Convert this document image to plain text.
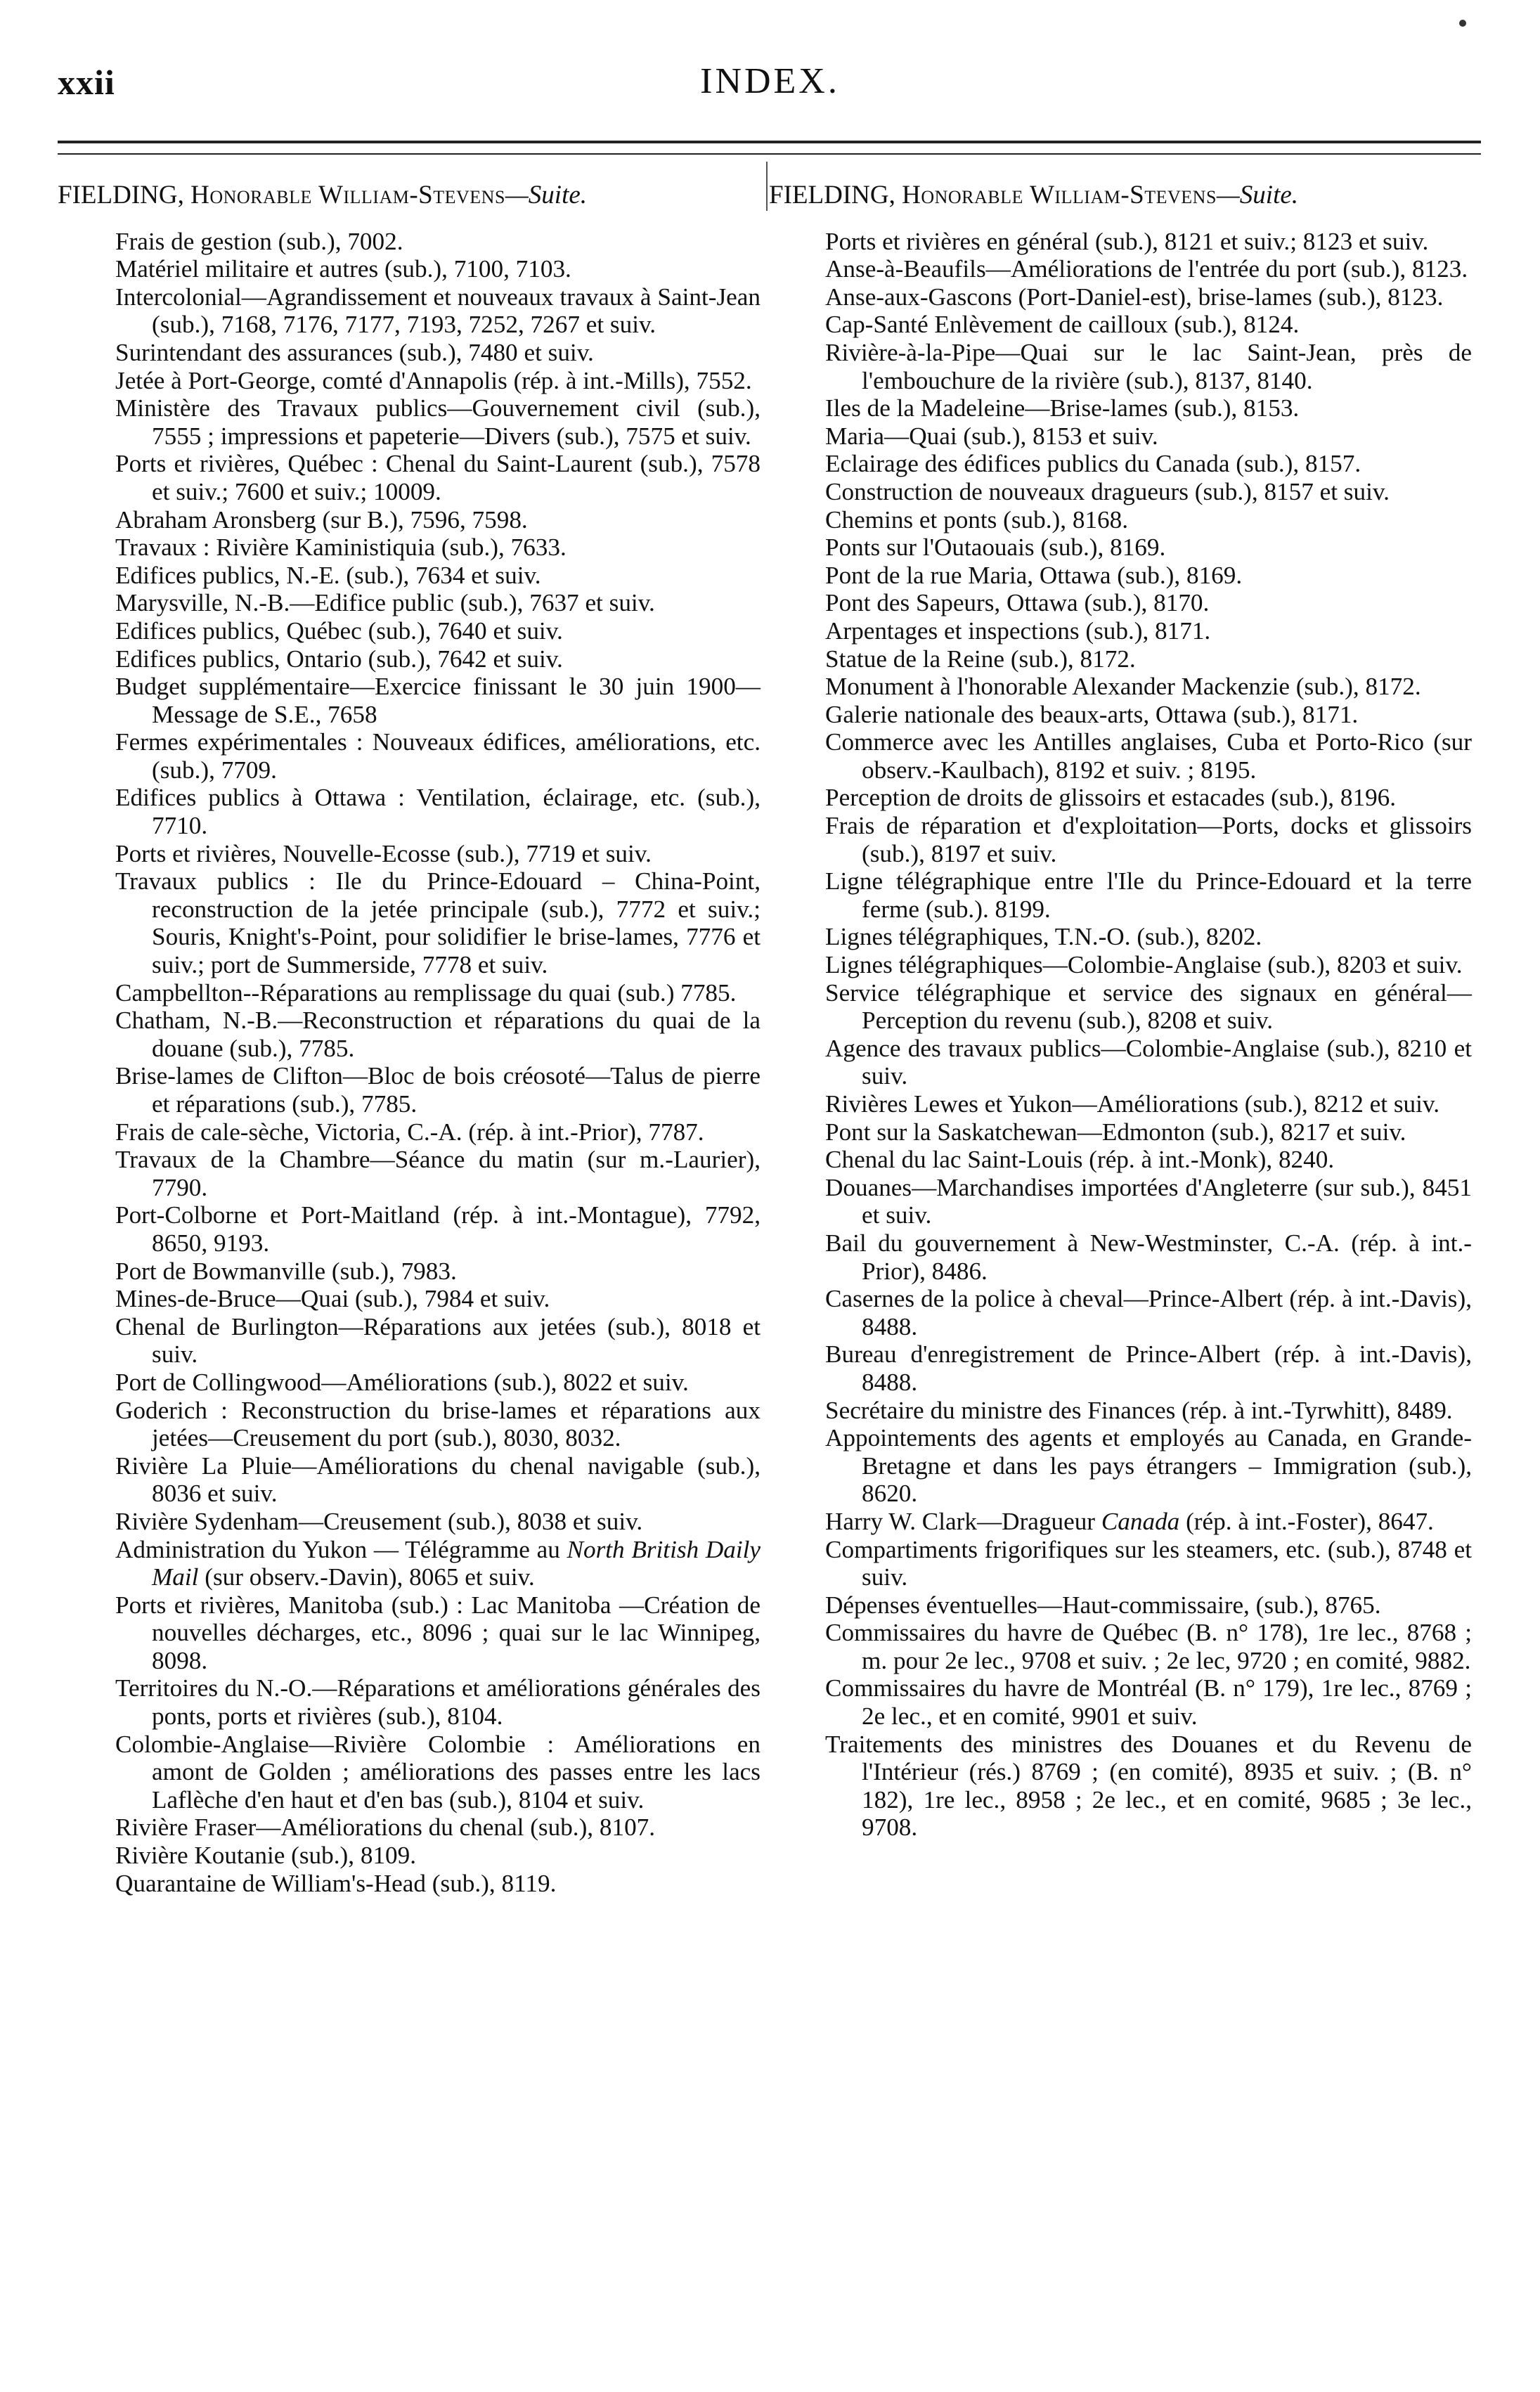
xxii	INDEX.
FIELDING, Honorable William-Stevens—Suite.
Frais de gestion (sub.), 7002.
Matériel militaire et autres (sub.), 7100, 7103.
Intercolonial—Agrandissement et nouveaux travaux à Saint-Jean (sub.), 7168, 7176, 7177, 7193, 7252, 7267 et suiv.
Surintendant des assurances (sub.), 7480 et suiv.
Jetée à Port-George, comté d'Annapolis (rép. à int.-Mills), 7552.
Ministère des Travaux publics—Gouvernement civil (sub.), 7555 ; impressions et papeterie—Divers (sub.), 7575 et suiv.
Ports et rivières, Québec : Chenal du Saint-Laurent (sub.), 7578 et suiv.; 7600 et suiv.; 10009.
Abraham Aronsberg (sur B.), 7596, 7598.
Travaux : Rivière Kaministiquia (sub.), 7633.
Edifices publics, N.-E. (sub.), 7634 et suiv.
Marysville, N.-B.—Edifice public (sub.), 7637 et suiv.
Edifices publics, Québec (sub.), 7640 et suiv.
Edifices publics, Ontario (sub.), 7642 et suiv.
Budget supplémentaire—Exercice finissant le 30 juin 1900—Message de S.E., 7658
Fermes expérimentales : Nouveaux édifices, améliorations, etc. (sub.), 7709.
Edifices publics à Ottawa : Ventilation, éclairage, etc. (sub.), 7710.
Ports et rivières, Nouvelle-Ecosse (sub.), 7719 et suiv.
Travaux publics : Ile du Prince-Edouard – China-Point, reconstruction de la jetée principale (sub.), 7772 et suiv.; Souris, Knight's-Point, pour solidifier le brise-lames, 7776 et suiv.; port de Summerside, 7778 et suiv.
Campbellton--Réparations au remplissage du quai (sub.) 7785.
Chatham, N.-B.—Reconstruction et réparations du quai de la douane (sub.), 7785.
Brise-lames de Clifton—Bloc de bois créosoté—Talus de pierre et réparations (sub.), 7785.
Frais de cale-sèche, Victoria, C.-A. (rép. à int.-Prior), 7787.
Travaux de la Chambre—Séance du matin (sur m.-Laurier), 7790.
Port-Colborne et Port-Maitland (rép. à int.-Montague), 7792, 8650, 9193.
Port de Bowmanville (sub.), 7983.
Mines-de-Bruce—Quai (sub.), 7984 et suiv.
Chenal de Burlington—Réparations aux jetées (sub.), 8018 et suiv.
Port de Collingwood—Améliorations (sub.), 8022 et suiv.
Goderich : Reconstruction du brise-lames et réparations aux jetées—Creusement du port (sub.), 8030, 8032.
Rivière La Pluie—Améliorations du chenal navigable (sub.), 8036 et suiv.
Rivière Sydenham—Creusement (sub.), 8038 et suiv.
Administration du Yukon — Télégramme au North British Daily Mail (sur observ.-Davin), 8065 et suiv.
Ports et rivières, Manitoba (sub.) : Lac Manitoba —Création de nouvelles décharges, etc., 8096 ; quai sur le lac Winnipeg, 8098.
Territoires du N.-O.—Réparations et améliorations générales des ponts, ports et rivières (sub.), 8104.
Colombie-Anglaise—Rivière Colombie : Améliorations en amont de Golden ; améliorations des passes entre les lacs Laflèche d'en haut et d'en bas (sub.), 8104 et suiv.
Rivière Fraser—Améliorations du chenal (sub.), 8107.
Rivière Koutanie (sub.), 8109.
Quarantaine de William's-Head (sub.), 8119.
FIELDING, Honorable William-Stevens—Suite.
Ports et rivières en général (sub.), 8121 et suiv.; 8123 et suiv.
Anse-à-Beaufils—Améliorations de l'entrée du port (sub.), 8123.
Anse-aux-Gascons (Port-Daniel-est), brise-lames (sub.), 8123.
Cap-Santé Enlèvement de cailloux (sub.), 8124.
Rivière-à-la-Pipe—Quai sur le lac Saint-Jean, près de l'embouchure de la rivière (sub.), 8137, 8140.
Iles de la Madeleine—Brise-lames (sub.), 8153.
Maria—Quai (sub.), 8153 et suiv.
Eclairage des édifices publics du Canada (sub.), 8157.
Construction de nouveaux dragueurs (sub.), 8157 et suiv.
Chemins et ponts (sub.), 8168.
Ponts sur l'Outaouais (sub.), 8169.
Pont de la rue Maria, Ottawa (sub.), 8169.
Pont des Sapeurs, Ottawa (sub.), 8170.
Arpentages et inspections (sub.), 8171.
Statue de la Reine (sub.), 8172.
Monument à l'honorable Alexander Mackenzie (sub.), 8172.
Galerie nationale des beaux-arts, Ottawa (sub.), 8171.
Commerce avec les Antilles anglaises, Cuba et Porto-Rico (sur observ.-Kaulbach), 8192 et suiv. ; 8195.
Perception de droits de glissoirs et estacades (sub.), 8196.
Frais de réparation et d'exploitation—Ports, docks et glissoirs (sub.), 8197 et suiv.
Ligne télégraphique entre l'Ile du Prince-Edouard et la terre ferme (sub.). 8199.
Lignes télégraphiques, T.N.-O. (sub.), 8202.
Lignes télégraphiques—Colombie-Anglaise (sub.), 8203 et suiv.
Service télégraphique et service des signaux en général—Perception du revenu (sub.), 8208 et suiv.
Agence des travaux publics—Colombie-Anglaise (sub.), 8210 et suiv.
Rivières Lewes et Yukon—Améliorations (sub.), 8212 et suiv.
Pont sur la Saskatchewan—Edmonton (sub.), 8217 et suiv.
Chenal du lac Saint-Louis (rép. à int.-Monk), 8240.
Douanes—Marchandises importées d'Angleterre (sur sub.), 8451 et suiv.
Bail du gouvernement à New-Westminster, C.-A. (rép. à int.-Prior), 8486.
Casernes de la police à cheval—Prince-Albert (rép. à int.-Davis), 8488.
Bureau d'enregistrement de Prince-Albert (rép. à int.-Davis), 8488.
Secrétaire du ministre des Finances (rép. à int.-Tyrwhitt), 8489.
Appointements des agents et employés au Canada, en Grande-Bretagne et dans les pays étrangers – Immigration (sub.), 8620.
Harry W. Clark—Dragueur Canada (rép. à int.-Foster), 8647.
Compartiments frigorifiques sur les steamers, etc. (sub.), 8748 et suiv.
Dépenses éventuelles—Haut-commissaire, (sub.), 8765.
Commissaires du havre de Québec (B. n° 178), 1re lec., 8768 ; m. pour 2e lec., 9708 et suiv. ; 2e lec, 9720 ; en comité, 9882.
Commissaires du havre de Montréal (B. n° 179), 1re lec., 8769 ; 2e lec., et en comité, 9901 et suiv.
Traitements des ministres des Douanes et du Revenu de l'Intérieur (rés.) 8769 ; (en comité), 8935 et suiv. ; (B. n° 182), 1re lec., 8958 ; 2e lec., et en comité, 9685 ; 3e lec., 9708.
